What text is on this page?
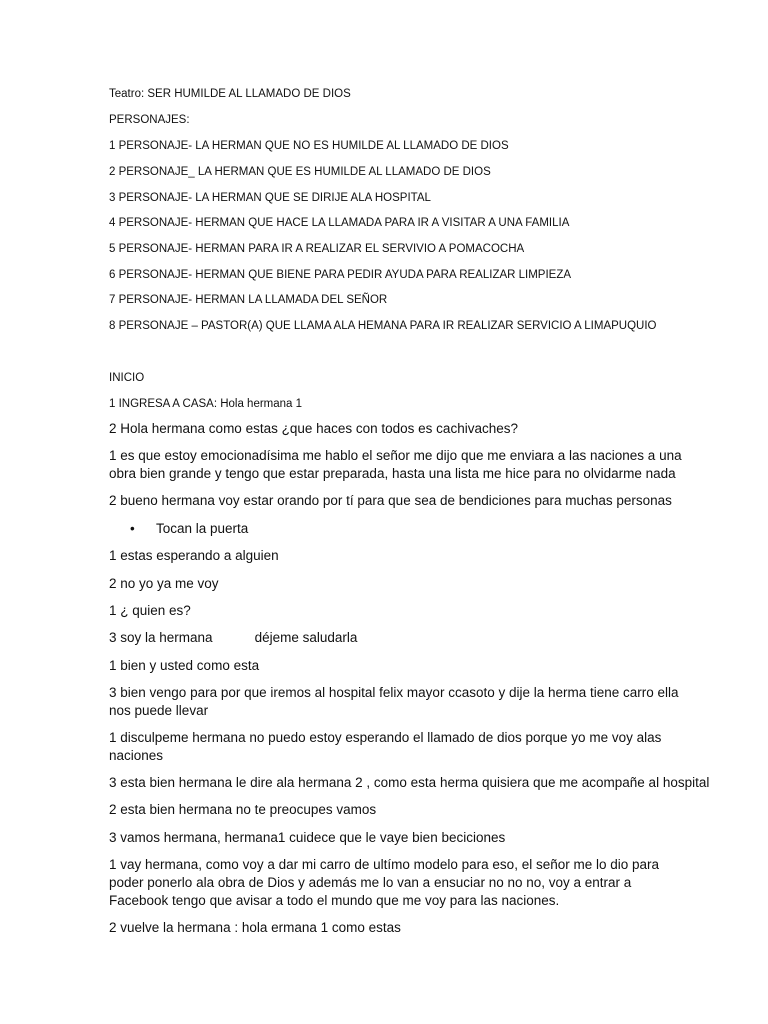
Teatro: SER HUMILDE AL LLAMADO DE DIOS
PERSONAJES:
1 PERSONAJE- LA HERMAN QUE NO ES HUMILDE AL LLAMADO DE DIOS
2 PERSONAJE_ LA HERMAN QUE ES HUMILDE AL LLAMADO DE DIOS
3 PERSONAJE- LA HERMAN QUE SE DIRIJE ALA HOSPITAL
4 PERSONAJE- HERMAN QUE HACE LA LLAMADA PARA IR A VISITAR A UNA FAMILIA
5 PERSONAJE- HERMAN PARA IR A REALIZAR EL SERVIVIO A POMACOCHA
6 PERSONAJE- HERMAN QUE BIENE PARA PEDIR AYUDA PARA REALIZAR LIMPIEZA
7 PERSONAJE- HERMAN LA LLAMADA DEL SEÑOR
8 PERSONAJE – PASTOR(A) QUE LLAMA ALA HEMANA PARA IR REALIZAR SERVICIO A LIMAPUQUIO
INICIO
1 INGRESA A CASA: Hola hermana 1
2 Hola hermana como estas ¿que haces con todos es cachivaches?
1 es que estoy emocionadísima me hablo el señor me dijo que me enviara a las naciones a una obra bien grande y tengo que estar preparada, hasta una lista me hice para no olvidarme nada
2 bueno hermana voy estar orando por tí para que sea de bendiciones para muchas personas
• Tocan la puerta
1 estas esperando a alguien
2 no yo ya me voy
1 ¿ quien es?
3 soy la hermana	déjeme saludarla
1 bien y usted como esta
3 bien vengo para por que iremos al hospital felix mayor ccasoto y dije la herma tiene carro ella nos puede llevar
1 disculpeme hermana no puedo estoy esperando el llamado de dios porque yo me voy alas naciones
3 esta bien hermana le dire ala hermana 2 , como esta herma quisiera que me acompañe al hospital
2 esta bien hermana no te preocupes vamos
3 vamos hermana, hermana1 cuidece que le vaye bien beciciones
1 vay hermana, como voy a dar mi carro de ultímo modelo para eso, el señor me lo dio para poder ponerlo ala obra de Dios y además me lo van a ensuciar no no no, voy a entrar a Facebook tengo que avisar a todo el mundo que me voy para las naciones.
2 vuelve la hermana : hola ermana 1 como estas
